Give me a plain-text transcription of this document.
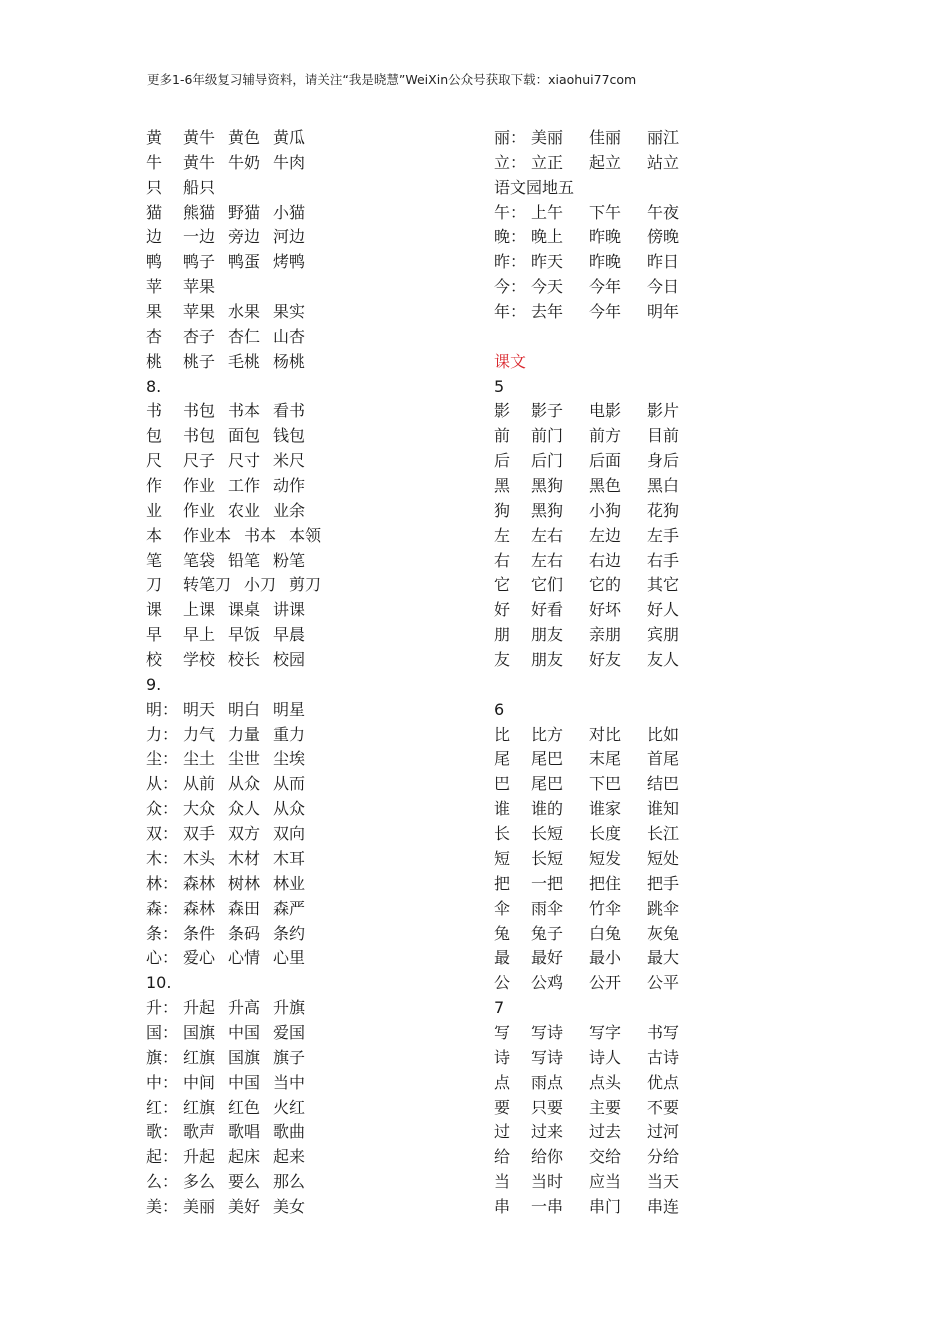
更多1-6年级复习辅导资料，请关注“我是晓慧”WeiXin公众号获取下载：xiaohui77com
黄 黄牛 黄色 黄瓜
牛 黄牛 牛奶 牛肉
只 船只
猫 熊猫 野猫 小猫
边 一边 旁边 河边
鸭 鸭子 鸭蛋 烤鸭
苹 苹果
果 苹果 水果 果实
杏 杏子 杏仁 山杏
桃 桃子 毛桃 杨桃
8.
书 书包 书本 看书
包 书包 面包 钱包
尺 尺子 尺寸 米尺
作 作业 工作 动作
业 作业 农业 业余
本 作业本 书本 本领
笔 笔袋 铅笔 粉笔
刀 转笔刀 小刀 剪刀
课 上课 课桌 讲课
早 早上 早饭 早晨
校 学校 校长 校园
9.
明： 明天 明白 明星
力： 力气 力量 重力
尘： 尘土 尘世 尘埃
从： 从前 从众 从而
众： 大众 众人 从众
双： 双手 双方 双向
木： 木头 木材 木耳
林： 森林 树林 林业
森： 森林 森田 森严
条： 条件 条码 条约
心： 爱心 心情 心里
10.
升： 升起 升高 升旗
国： 国旗 中国 爱国
旗： 红旗 国旗 旗子
中： 中间 中国 当中
红： 红旗 红色 火红
歌： 歌声 歌唱 歌曲
起： 升起 起床 起来
么： 多么 要么 那么
美： 美丽 美好 美女
丽： 美丽 佳丽 丽江
立： 立正 起立 站立
语文园地五
午： 上午 下午 午夜
晚： 晚上 昨晚 傍晚
昨： 昨天 昨晚 昨日
今： 今天 今年 今日
年： 去年 今年 明年
课文
5
影 影子 电影 影片
前 前门 前方 目前
后 后门 后面 身后
黑 黑狗 黑色 黑白
狗 黑狗 小狗 花狗
左 左右 左边 左手
右 左右 右边 右手
它 它们 它的 其它
好 好看 好坏 好人
朋 朋友 亲朋 宾朋
友 朋友 好友 友人
6
比 比方 对比 比如
尾 尾巴 末尾 首尾
巴 尾巴 下巴 结巴
谁 谁的 谁家 谁知
长 长短 长度 长江
短 长短 短发 短处
把 一把 把住 把手
伞 雨伞 竹伞 跳伞
兔 兔子 白兔 灰兔
最 最好 最小 最大
公 公鸡 公开 公平
7
写 写诗 写字 书写
诗 写诗 诗人 古诗
点 雨点 点头 优点
要 只要 主要 不要
过 过来 过去 过河
给 给你 交给 分给
当 当时 应当 当天
串 一串 串门 串连
